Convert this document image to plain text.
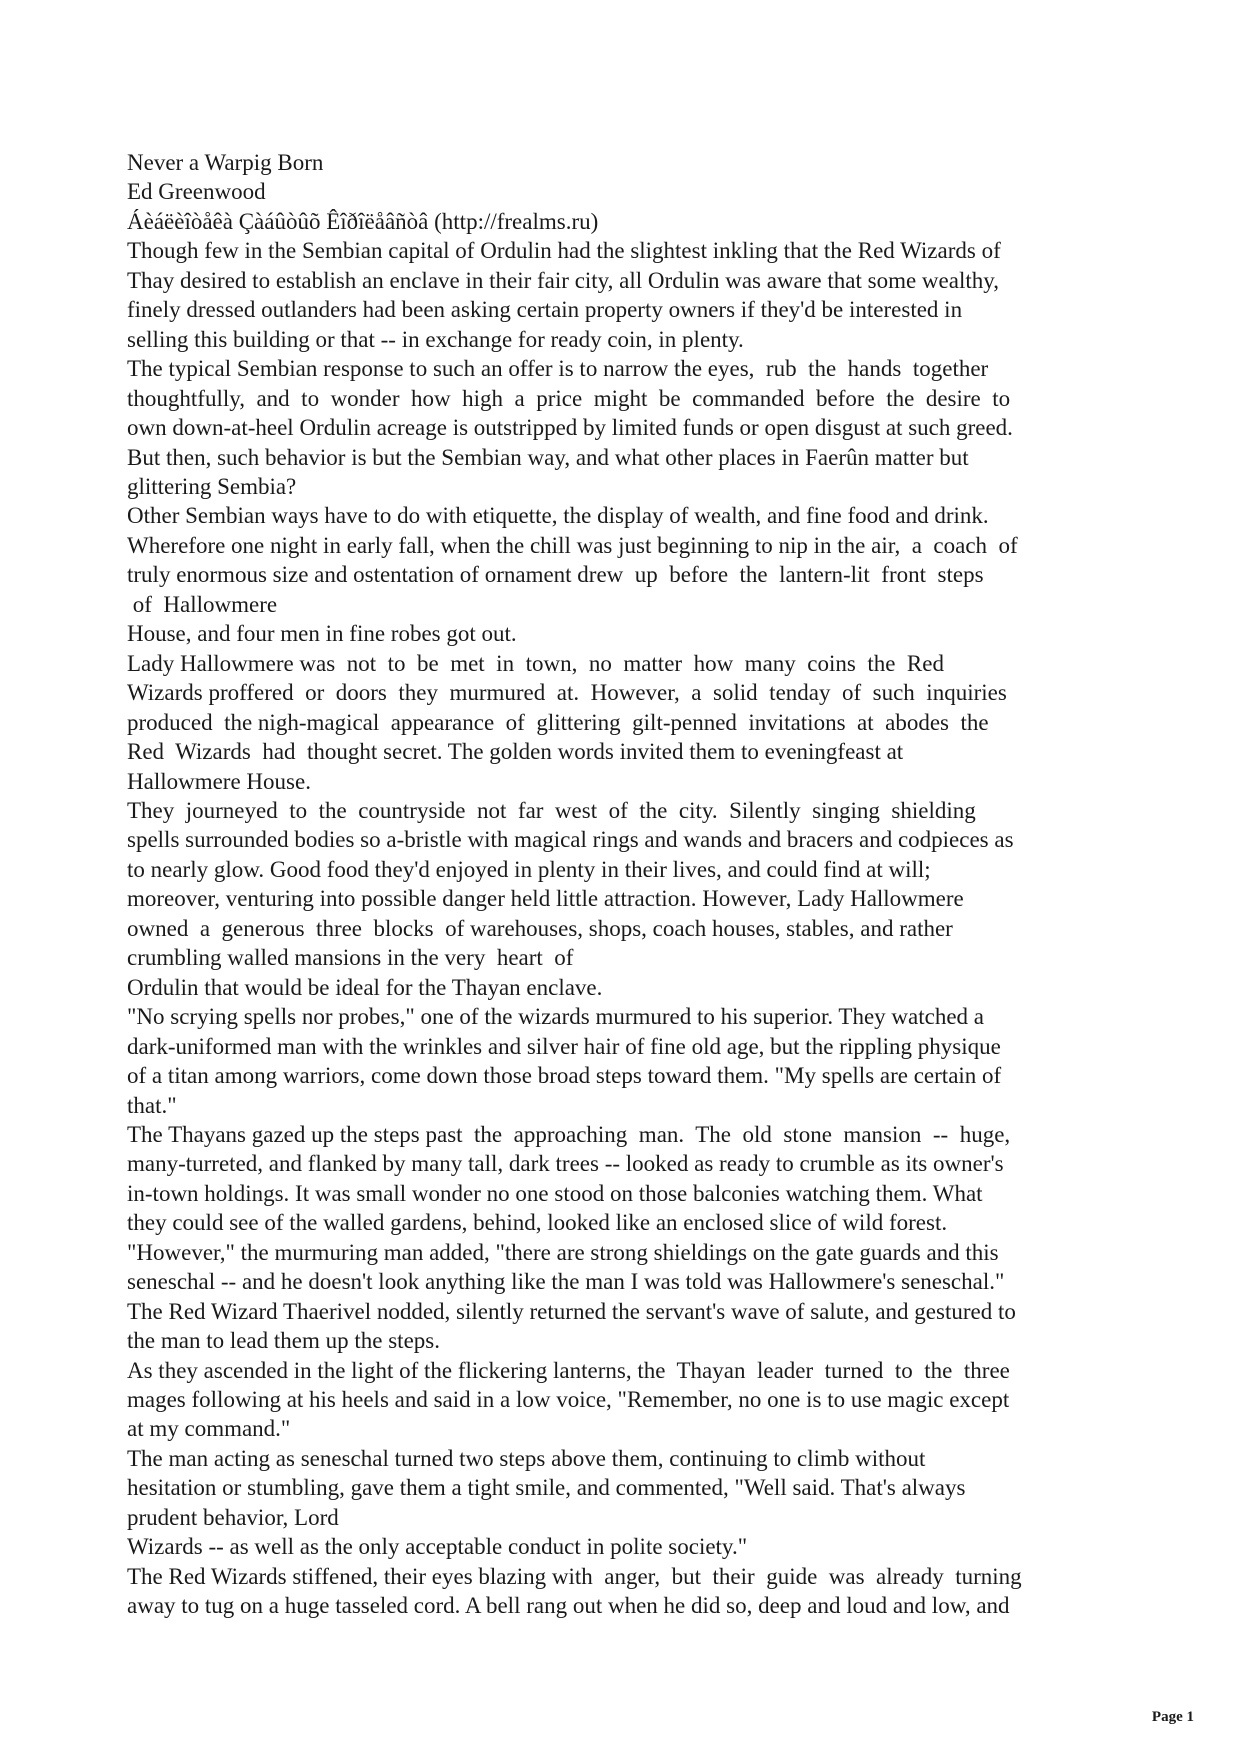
Never a Warpig Born
Ed Greenwood
Áèáëèîòåêà Çàáûòûõ Êîðîëåâñòâ (http://frealms.ru)
Though few in the Sembian capital of Ordulin had the slightest inkling that the Red Wizards of
Thay desired to establish an enclave in their fair city, all Ordulin was aware that some wealthy,
finely dressed outlanders had been asking certain property owners if they'd be interested in
selling this building or that -- in exchange for ready coin, in plenty.
The typical Sembian response to such an offer is to narrow the eyes,  rub  the  hands  together
thoughtfully,  and  to  wonder  how  high  a  price  might  be  commanded  before  the  desire  to
own down-at-heel Ordulin acreage is outstripped by limited funds or open disgust at such greed.
But then, such behavior is but the Sembian way, and what other places in Faerûn matter but
glittering Sembia?
Other Sembian ways have to do with etiquette, the display of wealth, and fine food and drink.
Wherefore one night in early fall, when the chill was just beginning to nip in the air,  a  coach  of
truly enormous size and ostentation of ornament drew  up  before  the  lantern-lit  front  steps
of  Hallowmere
House, and four men in fine robes got out.
Lady Hallowmere was  not  to  be  met  in  town,  no  matter  how  many  coins  the  Red
Wizards proffered  or  doors  they  murmured  at.  However,  a  solid  tenday  of  such  inquiries
produced  the nigh-magical  appearance  of  glittering  gilt-penned  invitations  at  abodes  the
Red  Wizards  had  thought secret. The golden words invited them to eveningfeast at
Hallowmere House.
They  journeyed  to  the  countryside  not  far  west  of  the  city.  Silently  singing  shielding
spells surrounded bodies so a-bristle with magical rings and wands and bracers and codpieces as
to nearly glow. Good food they'd enjoyed in plenty in their lives, and could find at will;
moreover, venturing into possible danger held little attraction. However, Lady Hallowmere
owned  a  generous  three  blocks  of warehouses, shops, coach houses, stables, and rather
crumbling walled mansions in the very  heart  of
Ordulin that would be ideal for the Thayan enclave.
"No scrying spells nor probes," one of the wizards murmured to his superior. They watched a
dark-uniformed man with the wrinkles and silver hair of fine old age, but the rippling physique
of a titan among warriors, come down those broad steps toward them. "My spells are certain of
that."
The Thayans gazed up the steps past  the  approaching  man.  The  old  stone  mansion  --  huge,
many-turreted, and flanked by many tall, dark trees -- looked as ready to crumble as its owner's
in-town holdings. It was small wonder no one stood on those balconies watching them. What
they could see of the walled gardens, behind, looked like an enclosed slice of wild forest.
"However," the murmuring man added, "there are strong shieldings on the gate guards and this
seneschal -- and he doesn't look anything like the man I was told was Hallowmere's seneschal."
The Red Wizard Thaerivel nodded, silently returned the servant's wave of salute, and gestured to
the man to lead them up the steps.
As they ascended in the light of the flickering lanterns, the  Thayan  leader  turned  to  the  three
mages following at his heels and said in a low voice, "Remember, no one is to use magic except
at my command."
The man acting as seneschal turned two steps above them, continuing to climb without
hesitation or stumbling, gave them a tight smile, and commented, "Well said. That's always
prudent behavior, Lord
Wizards -- as well as the only acceptable conduct in polite society."
The Red Wizards stiffened, their eyes blazing with  anger,  but  their  guide  was  already  turning
away to tug on a huge tasseled cord. A bell rang out when he did so, deep and loud and low, and
Page 1
